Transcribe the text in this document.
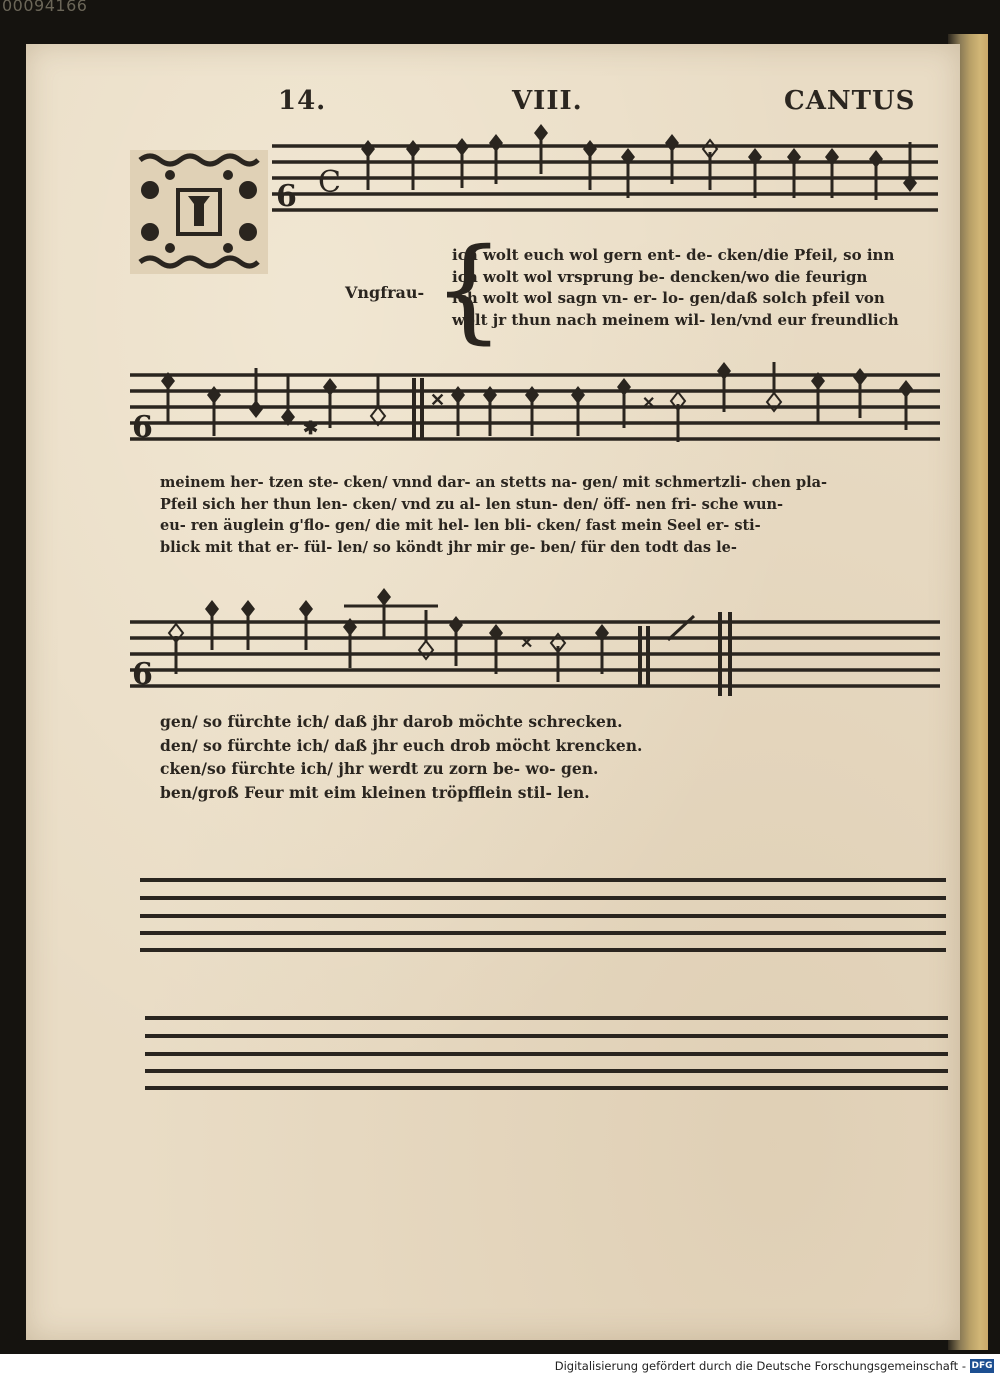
00094166
14.	VIII.	CANTUS
6 C
6	✱
✕	✕
6
✕
Vngfrau- {
ich wolt euch wol gern ent- de- cken/die Pfeil, so inn
ich wolt wol vrsprung be- dencken/wo die feurign
ich wolt wol sagn vn- er- lo- gen/daß solch pfeil von
wolt jr thun nach meinem wil- len/vnd eur freundlich
meinem her- tzen ste- cken/ vnnd dar- an stetts na- gen/ mit schmertzli- chen pla-
Pfeil sich her thun len- cken/ vnd zu al- len stun- den/ öff- nen fri- sche wun-
eu- ren äuglein g'flo- gen/ die mit hel- len bli- cken/ fast mein Seel er- sti-
blick mit that er- fül- len/ so köndt jhr mir ge- ben/ für den todt das le-
gen/ so fürchte ich/ daß jhr darob möchte schrecken.
den/ so fürchte ich/ daß jhr euch drob möcht krencken.
cken/so fürchte ich/ jhr werdt zu zorn be- wo- gen.
ben/groß Feur mit eim kleinen tröpfflein stil- len.
Digitalisierung gefördert durch die Deutsche Forschungsgemeinschaft - DFG
